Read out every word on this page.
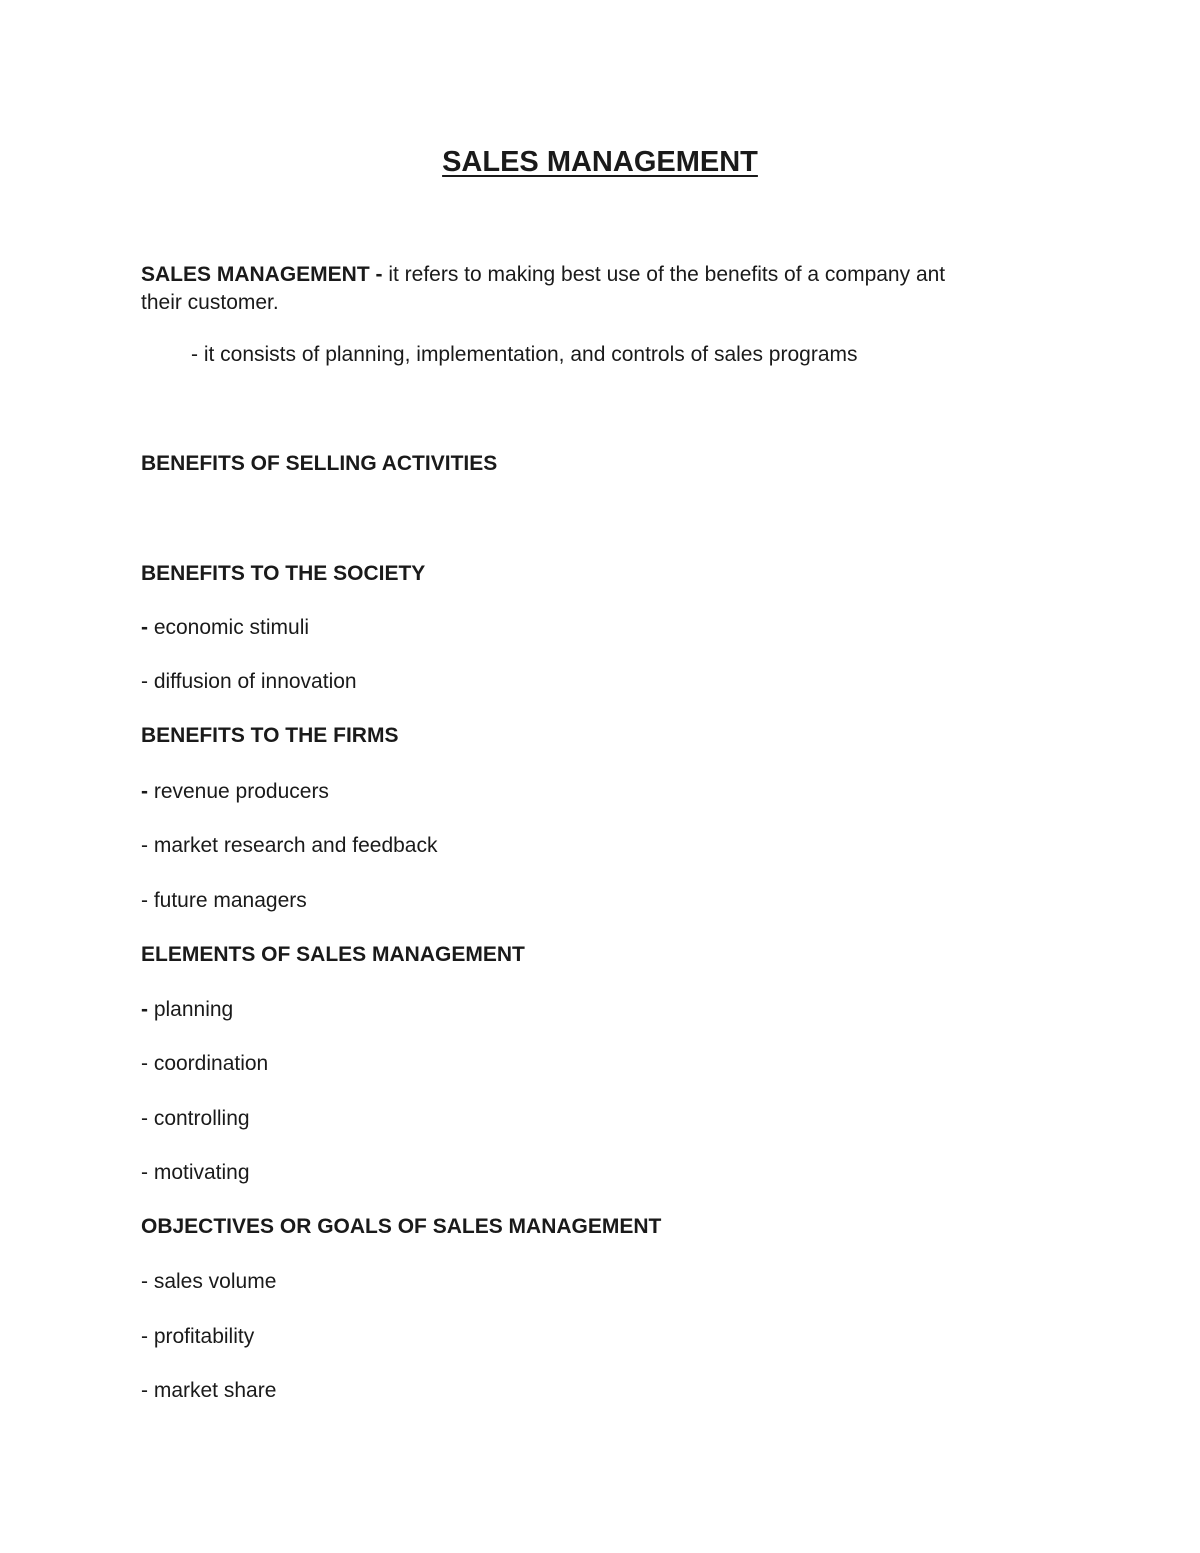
SALES MANAGEMENT
SALES MANAGEMENT - it refers to making best use of the benefits of a company ant
their customer.
- it consists of planning, implementation, and controls of sales programs
BENEFITS OF SELLING ACTIVITIES
BENEFITS TO THE SOCIETY
- economic stimuli
- diffusion of innovation
BENEFITS TO THE FIRMS
- revenue producers
- market research and feedback
- future managers
ELEMENTS OF SALES MANAGEMENT
- planning
- coordination
- controlling
- motivating
OBJECTIVES OR GOALS OF SALES MANAGEMENT
- sales volume
- profitability
- market share
